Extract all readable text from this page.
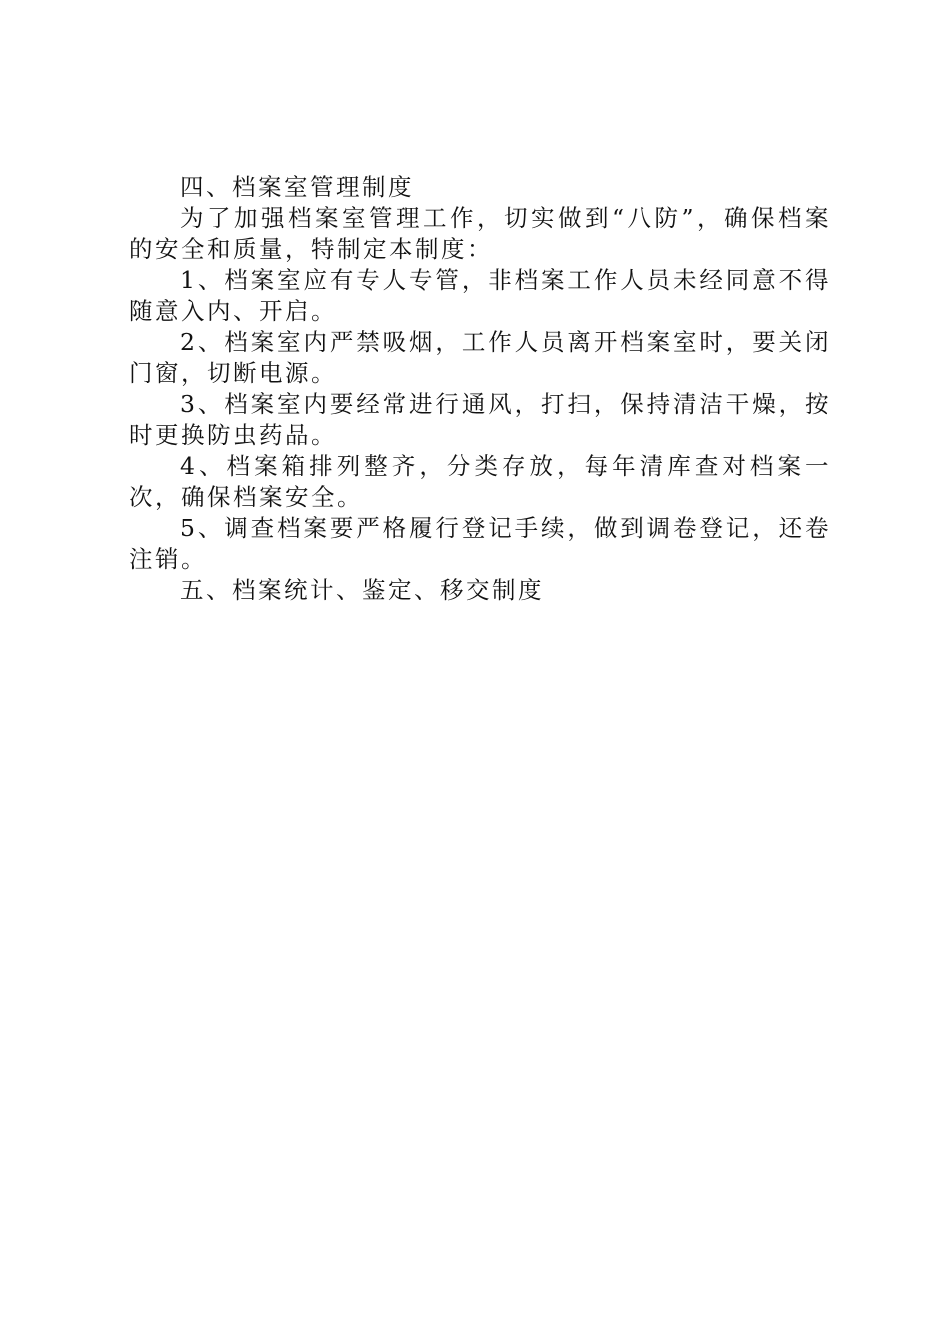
四、档案室管理制度

为了加强档案室管理工作，切实做到“八防”，确保档案的安全和质量，特制定本制度：

1、档案室应有专人专管，非档案工作人员未经同意不得随意入内、开启。

2、档案室内严禁吸烟，工作人员离开档案室时，要关闭门窗，切断电源。

3、档案室内要经常进行通风，打扫，保持清洁干燥，按时更换防虫药品。

4、档案箱排列整齐，分类存放，每年清库查对档案一次，确保档案安全。

5、调查档案要严格履行登记手续，做到调卷登记，还卷注销。

五、档案统计、鉴定、移交制度
